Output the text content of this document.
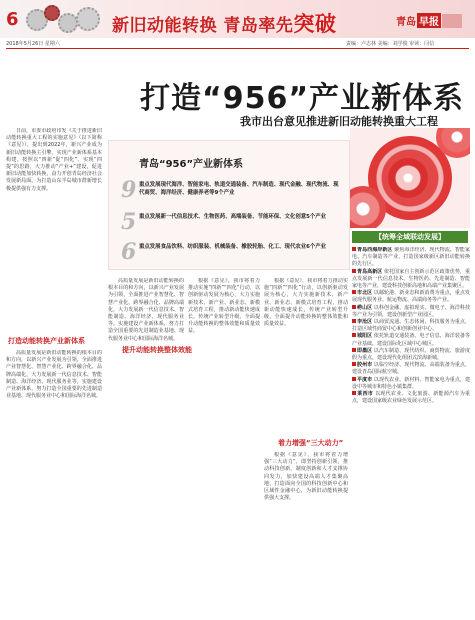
6	新旧动能转换 青岛率先突破	青岛 早报
2018年5月26日 星期六	责编：卢志林 美编：刘学俊 审读：闫信
打造“956”产业新体系
我市出台意见推进新旧动能转换重大工程

日前，市委市政府印发《关于推进新旧动能转换重大工程的实施意见》（以下简称《意见》），提出到2022年，新兴产业成为新旧动能转换主引擎，实现产业新体系基本构建。按照以“四新”促“四化”、实现“四提”的思路，大力推动“产业+”建设，促进新旧动能加快转换，奋力开创青岛经济社会发展新局面，为打造山东半岛城市群新增长极提供强有力支撑。

青岛“956”产业新体系
9 重点发展现代海洋、智能家电、轨道交通装备、汽车制造、现代金融、现代物流、现代商贸、海洋经济、健康养老等9个产业
5 重点发展新一代信息技术、生物医药、高端装备、节能环保、文化创意5个产业
6 重点发展食品饮料、纺织服装、机械装备、橡胶轮胎、化工、现代农业6个产业
【统筹全域联动发展】

青岛西海岸新区 聚焦海洋经济、现代物流、智能家电、汽车制造等产业，打造国家级新区新旧动能转换的先行区。

青岛高新区 依托国家自主创新示范区政策优势，重点发展新一代信息技术、生物医药、先进制造、智能家电等产业，建设科技创新高地和高端产业集聚区。

市北区 以邮轮港、新业态和新消费为重点，重点发展现代服务业、航运物流、高端商务等产业。

崂山区 以科创金融、虚拟现实、微电子、海洋科技等产业为引领，建设创新型产业园区。

李沧区 以商贸流通、生态休闲、科技服务为重点，打造区域性商贸中心和创新创业中心。

城阳区 依托轨道交通装备、电子信息、海洋装备等产业基础，建设国际化区域中心城区。

即墨区 以汽车制造、现代纺织、商贸物流、旅游度假为重点，建设现代化组团式滨海新城。

胶州市 以临空经济、现代物流、高端装备为重点，建设青岛国际航空城。

平度市 以现代农业、新材料、智能家电为重点，建设中等城市和特色小镇集群。

莱西市 以现代农业、文化旅游、新能源汽车为重点，建设国家级农业绿色发展示范区。

打造动能转换产业新体系

高质量发展是新旧动能转换的根本目的和方向，以新兴产业发展为引领，全面推进产业智慧化、智慧产业化、跨界融合化、品牌高端化，大力发展新一代信息技术、智能制造、海洋经济、现代服务业等，实施建设产业新体系，努力打造全国重要的先进制造业基地、现代服务业中心和国际海洋名城。

高质量发展是新旧动能转换的根本目的和方向，以新兴产业发展为引领，全面推进产业智慧化、智慧产业化、跨界融合化、品牌高端化，大力发展新一代信息技术、智能制造、海洋经济、现代服务业等，实施建设产业新体系，努力打造全国重要的先进制造业基地、现代服务业中心和国际海洋名城。

提升动能转换整体效能

根据《意见》，我市将着力推动实施“四新”“四化”行动，以创新驱动发展为核心，大力实施新技术、新产业、新业态、新模式培育工程，推动新动能快速成长，传统产业转型升级，全面提升动能转换的整体效能和质量效益。

根据《意见》，我市将着力推动实施“四新”“四化”行动，以创新驱动发展为核心，大力实施新技术、新产业、新业态、新模式培育工程，推动新动能快速成长，传统产业转型升级，全面提升动能转换的整体效能和质量效益。

着力增强“三大动力”

根据《意见》，我市将着力增强“三大动力”，即坚持创新引领，推动科技创新、制度创新和人才支撑协同发力，加快建设高端人才集聚高地，打造面向全国的科技创新中心和区域性金融中心，为新旧动能转换提供强大支撑。
